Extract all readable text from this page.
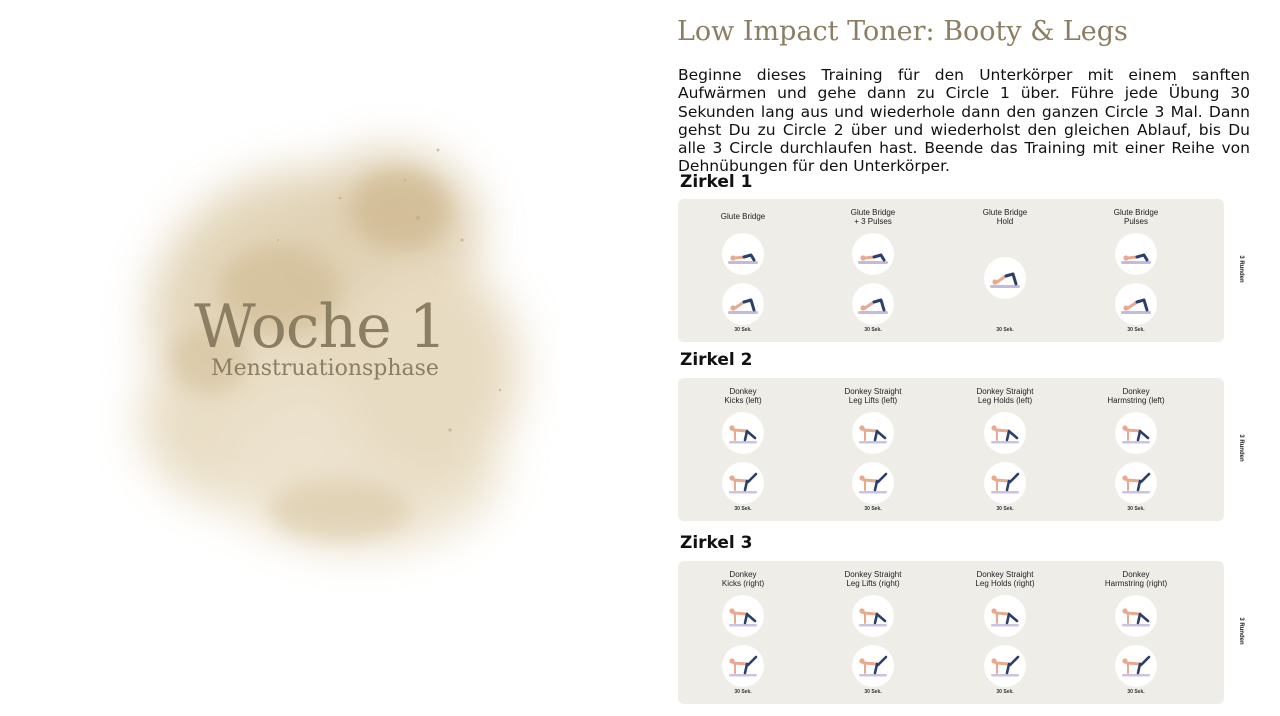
Woche 1
Menstruationsphase
Low Impact Toner: Booty & Legs

Beginne dieses Training für den Unterkörper mit einem sanften Aufwärmen und gehe dann zu Circle 1 über. Führe jede Übung 30 Sekunden lang aus und wiederhole dann den ganzen Circle 3 Mal. Dann gehst Du zu Circle 2 über und wiederholst den gleichen Ablauf, bis Du alle 3 Circle durchlaufen hast. Beende das Training mit einer Reihe von Dehnübungen für den Unterkörper.

Zirkel 1
Glute Bridge
30 Sek.
Glute Bridge
+ 3 Pulses
30 Sek.
Glute Bridge
Hold
30 Sek.
Glute Bridge
Pulses
30 Sek.
3 Runden
Zirkel 2
Donkey
Kicks (left)
30 Sek.
Donkey Straight
Leg Lifts (left)
30 Sek.
Donkey Straight
Leg Holds (left)
30 Sek.
Donkey
Harmstring (left)
30 Sek.
3 Runden
Zirkel 3
Donkey
Kicks (right)
30 Sek.
Donkey Straight
Leg Lifts (right)
30 Sek.
Donkey Straight
Leg Holds (right)
30 Sek.
Donkey
Harmstring (right)
30 Sek.
3 Runden
